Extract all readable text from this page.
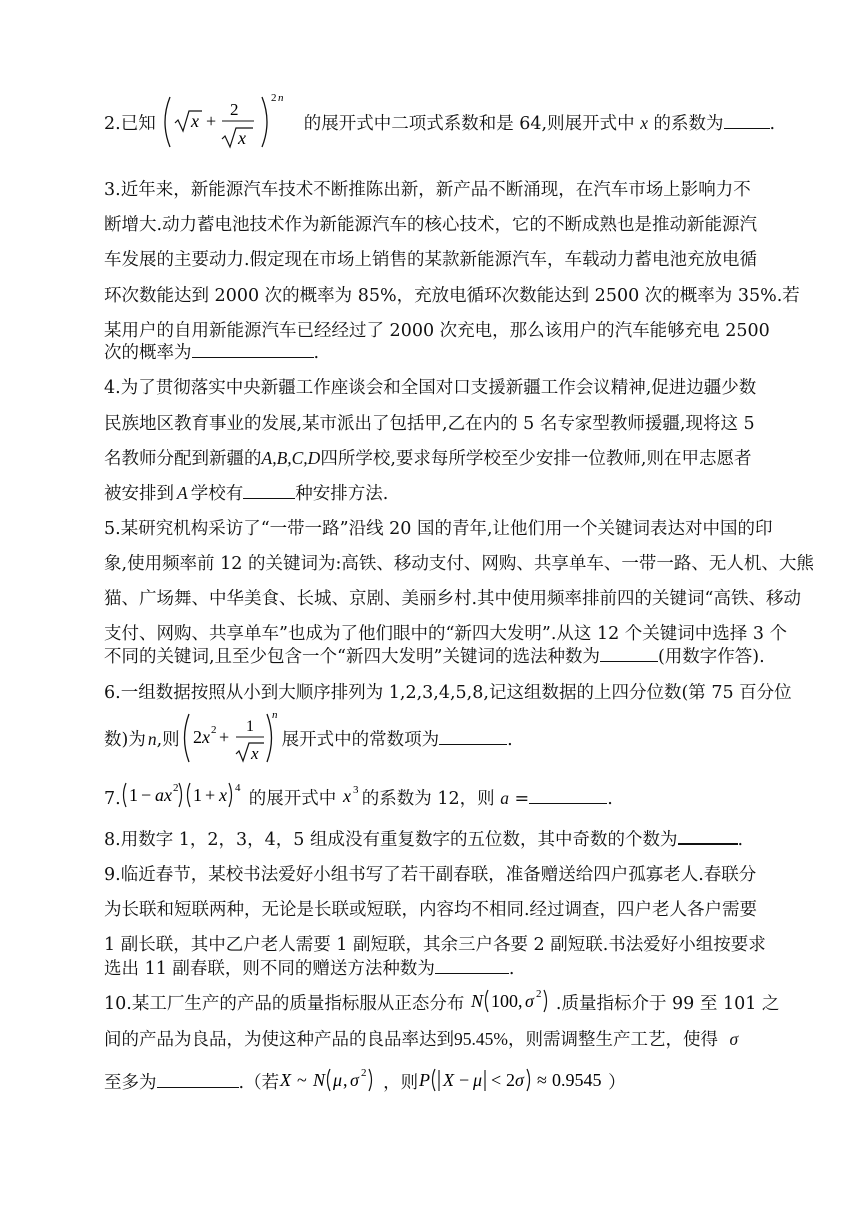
2.已知 x +
2
x
2 n
的展开式中二项式系数和是 64,则展开式中 x 的系数为	.
3.近年来，新能源汽车技术不断推陈出新，新产品不断涌现，在汽车市场上影响力不
断增大.动力蓄电池技术作为新能源汽车的核心技术，它的不断成熟也是推动新能源汽
车发展的主要动力.假定现在市场上销售的某款新能源汽车，车载动力蓄电池充放电循
环次数能达到 2000 次的概率为 85%，充放电循环次数能达到 2500 次的概率为 35%.若
某用户的自用新能源汽车已经经过了 2000 次充电，那么该用户的汽车能够充电 2500
次的概率为	.
4.为了贯彻落实中央新疆工作座谈会和全国对口支援新疆工作会议精神,促进边疆少数
民族地区教育事业的发展,某市派出了包括甲,乙在内的 5 名专家型教师援疆,现将这 5
名教师分配到新疆的A,B,C,D四所学校,要求每所学校至少安排一位教师,则在甲志愿者
被安排到 A 学校有	种安排方法.
5.某研究机构采访了“一带一路”沿线 20 国的青年,让他们用一个关键词表达对中国的印
象,使用频率前 12 的关键词为:高铁、移动支付、网购、共享单车、一带一路、无人机、大熊
猫、广场舞、中华美食、长城、京剧、美丽乡村.其中使用频率排前四的关键词“高铁、移动
支付、网购、共享单车”也成为了他们眼中的“新四大发明”.从这 12 个关键词中选择 3 个
不同的关键词,且至少包含一个“新四大发明”关键词的选法种数为	(用数字作答).
6.一组数据按照从小到大顺序排列为 1,2,3,4,5,8,记这组数据的上四分位数(第 75 百分位
数)为 n,则 2 x 2 +
1
x
n
展开式中的常数项为	.
7. 1 − ax 2 1 + x 4
的展开式中 x 3 的系数为 12，则 a =	.
8.用数字 1，2，3，4，5 组成没有重复数字的五位数，其中奇数的个数为	.
9.临近春节，某校书法爱好小组书写了若干副春联，准备赠送给四户孤寡老人.春联分
为长联和短联两种，无论是长联或短联，内容均不相同.经过调查，四户老人各户需要
1 副长联，其中乙户老人需要 1 副短联，其余三户各要 2 副短联.书法爱好小组按要求
选出 11 副春联，则不同的赠送方法种数为	.
10.某工厂生产的产品的质量指标服从正态分布 N 100, σ 2 .质量指标介于 99 至 101 之
间的产品为良品，为使这种产品的良品率达到95.45%，则需调整生产工艺，使得 σ
至多为	.（若 X ~ N μ , σ 2 ，则 P X − μ < 2 σ ≈ 0.9545 ）
